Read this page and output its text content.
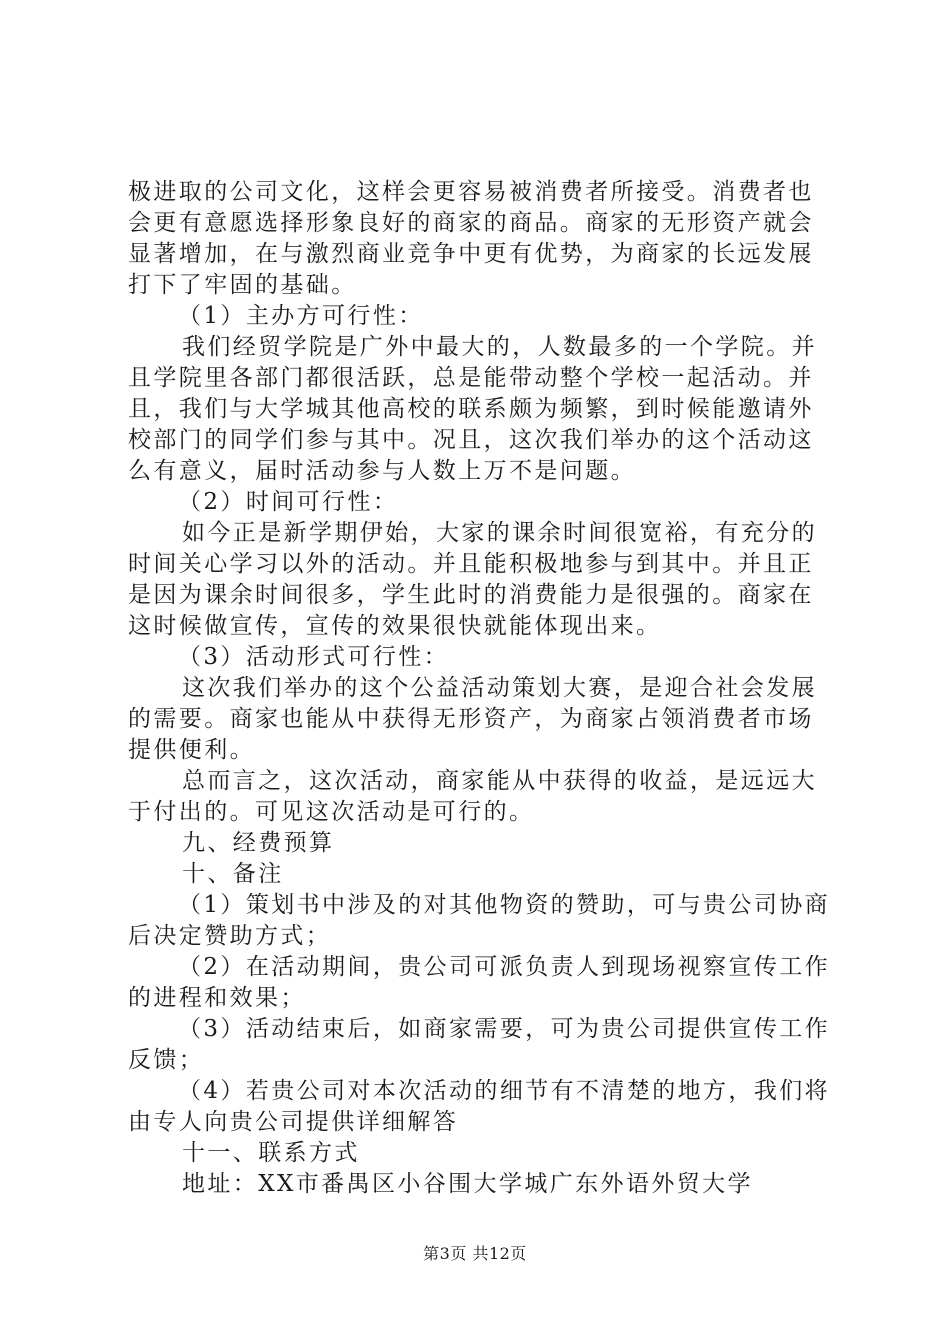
极进取的公司文化，这样会更容易被消费者所接受。消费者也
会更有意愿选择形象良好的商家的商品。商家的无形资产就会
显著增加，在与激烈商业竞争中更有优势，为商家的长远发展
打下了牢固的基础。
（1）主办方可行性：
我们经贸学院是广外中最大的，人数最多的一个学院。并
且学院里各部门都很活跃，总是能带动整个学校一起活动。并
且，我们与大学城其他高校的联系颇为频繁，到时候能邀请外
校部门的同学们参与其中。况且，这次我们举办的这个活动这
么有意义，届时活动参与人数上万不是问题。
（2）时间可行性：
如今正是新学期伊始，大家的课余时间很宽裕，有充分的
时间关心学习以外的活动。并且能积极地参与到其中。并且正
是因为课余时间很多，学生此时的消费能力是很强的。商家在
这时候做宣传，宣传的效果很快就能体现出来。
（3）活动形式可行性：
这次我们举办的这个公益活动策划大赛，是迎合社会发展
的需要。商家也能从中获得无形资产，为商家占领消费者市场
提供便利。
总而言之，这次活动，商家能从中获得的收益，是远远大
于付出的。可见这次活动是可行的。
九、经费预算
十、备注
（1）策划书中涉及的对其他物资的赞助，可与贵公司协商
后决定赞助方式；
（2）在活动期间，贵公司可派负责人到现场视察宣传工作
的进程和效果；
（3）活动结束后，如商家需要，可为贵公司提供宣传工作
反馈；
（4）若贵公司对本次活动的细节有不清楚的地方，我们将
由专人向贵公司提供详细解答
十一、联系方式
地址：XX市番禺区小谷围大学城广东外语外贸大学
第3页 共12页
